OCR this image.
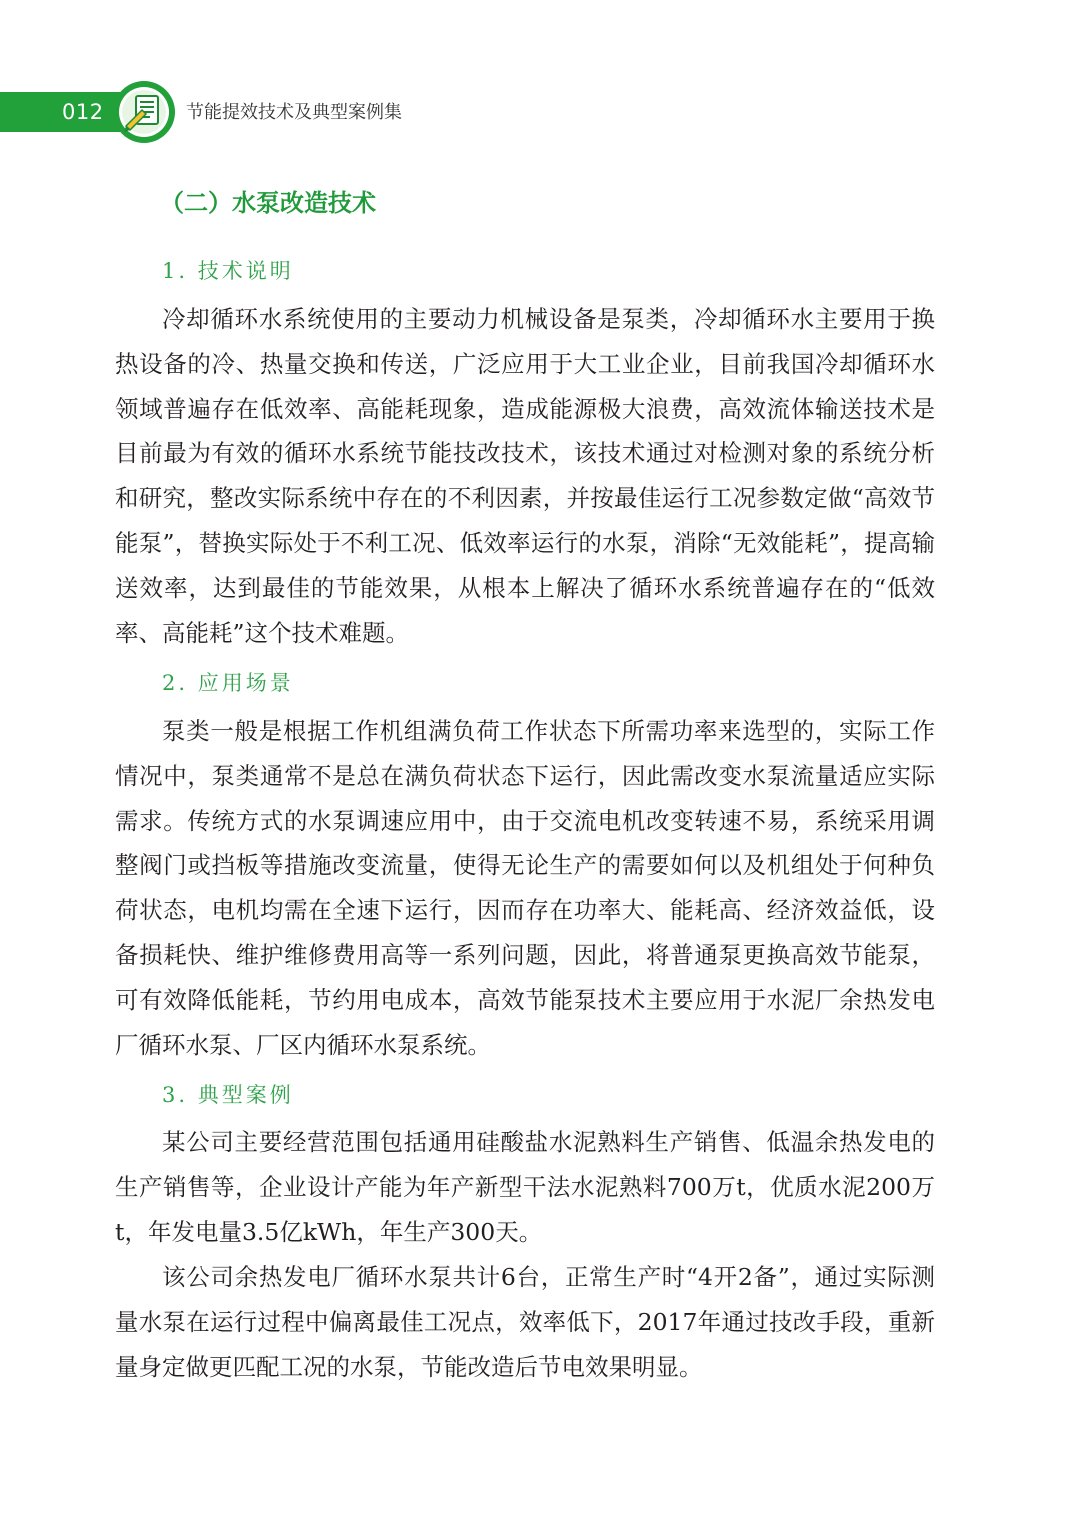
012	节能提效技术及典型案例集
（二）水泵改造技术
1. 技术说明

冷却循环水系统使用的主要动力机械设备是泵类，冷却循环水主要用于换热设备的冷、热量交换和传送，广泛应用于大工业企业，目前我国冷却循环水领域普遍存在低效率、高能耗现象，造成能源极大浪费，高效流体输送技术是目前最为有效的循环水系统节能技改技术，该技术通过对检测对象的系统分析和研究，整改实际系统中存在的不利因素，并按最佳运行工况参数定做“高效节能泵”，替换实际处于不利工况、低效率运行的水泵，消除“无效能耗”，提高输送效率，达到最佳的节能效果，从根本上解决了循环水系统普遍存在的“低效率、高能耗”这个技术难题。

2. 应用场景

泵类一般是根据工作机组满负荷工作状态下所需功率来选型的，实际工作情况中，泵类通常不是总在满负荷状态下运行，因此需改变水泵流量适应实际需求。传统方式的水泵调速应用中，由于交流电机改变转速不易，系统采用调整阀门或挡板等措施改变流量，使得无论生产的需要如何以及机组处于何种负荷状态，电机均需在全速下运行，因而存在功率大、能耗高、经济效益低，设备损耗快、维护维修费用高等一系列问题，因此，将普通泵更换高效节能泵，可有效降低能耗，节约用电成本，高效节能泵技术主要应用于水泥厂余热发电厂循环水泵、厂区内循环水泵系统。

3. 典型案例

某公司主要经营范围包括通用硅酸盐水泥熟料生产销售、低温余热发电的生产销售等，企业设计产能为年产新型干法水泥熟料700万t，优质水泥200万t，年发电量3.5亿kWh，年生产300天。

该公司余热发电厂循环水泵共计6台，正常生产时“4开2备”，通过实际测量水泵在运行过程中偏离最佳工况点，效率低下，2017年通过技改手段，重新量身定做更匹配工况的水泵，节能改造后节电效果明显。
